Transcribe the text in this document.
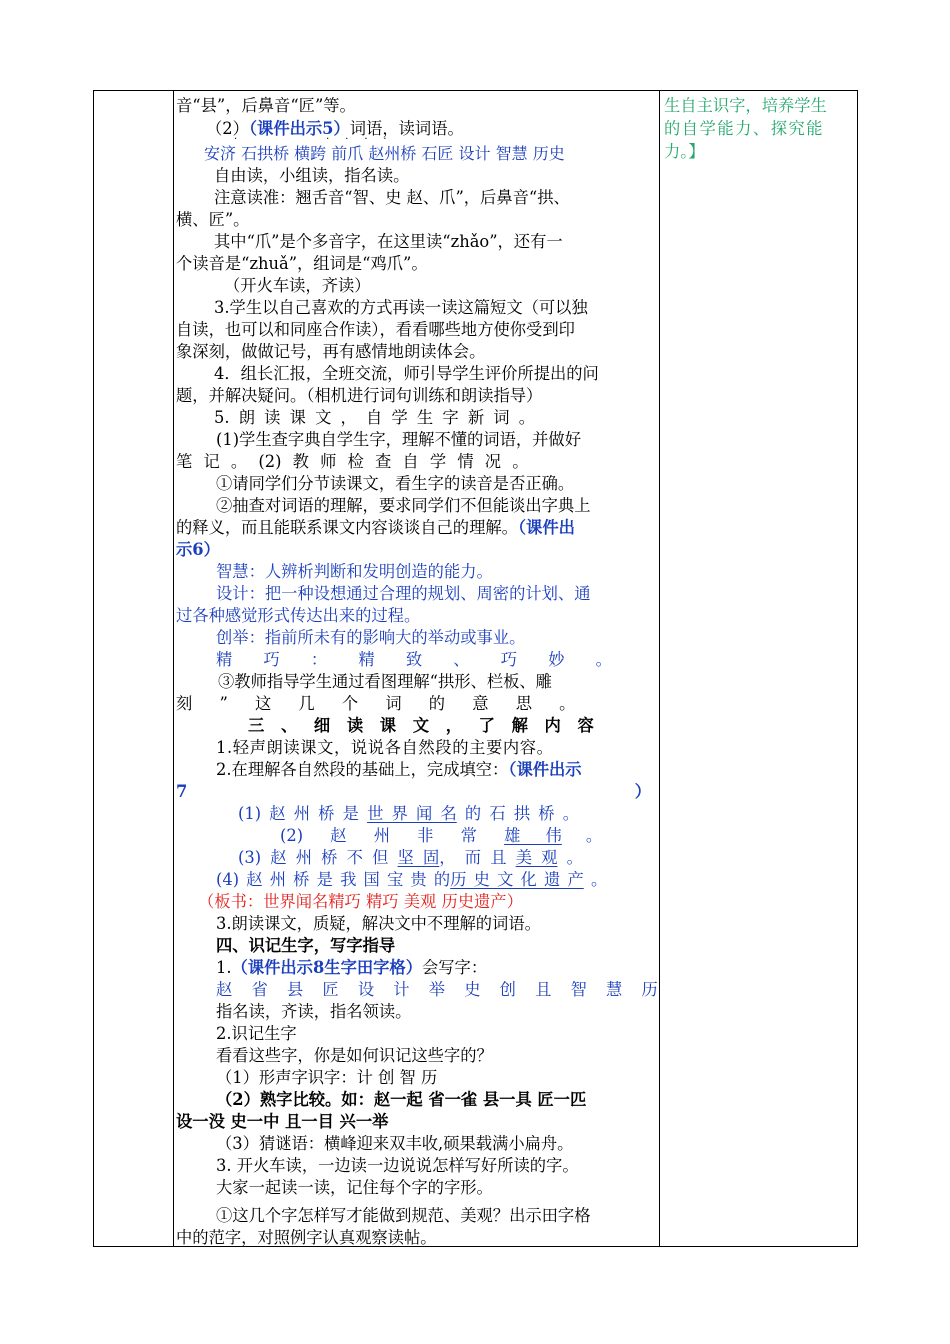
音“县”，后鼻音“匠”等。
（2）（课件出示5）词语，读词语。
·                            ·     ·     ·     ·
安济 石拱桥 横跨 前爪 赵州桥 石匠 设计 智慧 历史
自由读，小组读，指名读。
注意读准：翘舌音“智、史 赵、爪”，后鼻音“拱、
横、匠”。
其中“爪”是个多音字，在这里读“zhǎo”，还有一
个读音是“zhuǎ”，组词是“鸡爪”。
（开火车读，齐读）
3.学生以自己喜欢的方式再读一读这篇短文（可以独
自读，也可以和同座合作读），看看哪些地方使你受到印
象深刻，做做记号，再有感情地朗读体会。
4．组长汇报，全班交流，师引导学生评价所提出的问
题，并解决疑问。（相机进行词句训练和朗读指导）
5. 朗 读 课 文 ， 自 学 生 字 新 词 。
(1)学生查字典自学生字，理解不懂的词语，并做好
笔 记 。 (2) 教 师 检 查 自 学 情 况 。
①请同学们分节读课文，看生字的读音是否正确。
②抽查对词语的理解，要求同学们不但能谈出字典上
的释义，而且能联系课文内容谈谈自己的理解。（课件出
示6）
智慧：人辨析判断和发明创造的能力。
设计：把一种设想通过合理的规划、周密的计划、通
过各种感觉形式传达出来的过程。
创举：指前所未有的影响大的举动或事业。
精 巧 ： 精 致 、 巧 妙 。
③教师指导学生通过看图理解“拱形、栏板、雕
刻 ” 这 几 个 词 的 意 思 。
三 、 细 读 课 文 ， 了 解 内 容
1.轻声朗读课文，说说各自然段的主要内容。
2.在理解各自然段的基础上，完成填空：（课件出示
7	）
(1) 赵 州 桥 是 世 界 闻 名 的 石 拱 桥 。
(2) 赵 州 非 常 雄 伟 。
(3) 赵 州 桥 不 但 坚 固， 而 且 美 观 。
(4) 赵 州 桥 是 我 国 宝 贵 的历 史 文 化 遗 产 。
（板书：世界闻名精巧 精巧 美观 历史遗产）
3.朗读课文，质疑，解决文中不理解的词语。
四、识记生字，写字指导
1.（课件出示8生字田字格）会写字：
赵 省 县 匠 设 计 举 史 创 且 智 慧 历
指名读，齐读，指名领读。
2.识记生字
看看这些字，你是如何识记这些字的？
（1）形声字识字：计 创 智 历
（2）熟字比较。如：赵一起 省一雀 县一具 匠一匹
设一没 史一中 且一目 兴一举
（3）猜谜语：横峰迎来双丰收,硕果载满小扁舟。
3. 开火车读，一边读一边说说怎样写好所读的字。
大家一起读一读，记住每个字的字形。
①这几个字怎样写才能做到规范、美观？出示田字格
中的范字，对照例字认真观察读帖。
生自主识字，培养学生
的自学能力、探究能
力。】
